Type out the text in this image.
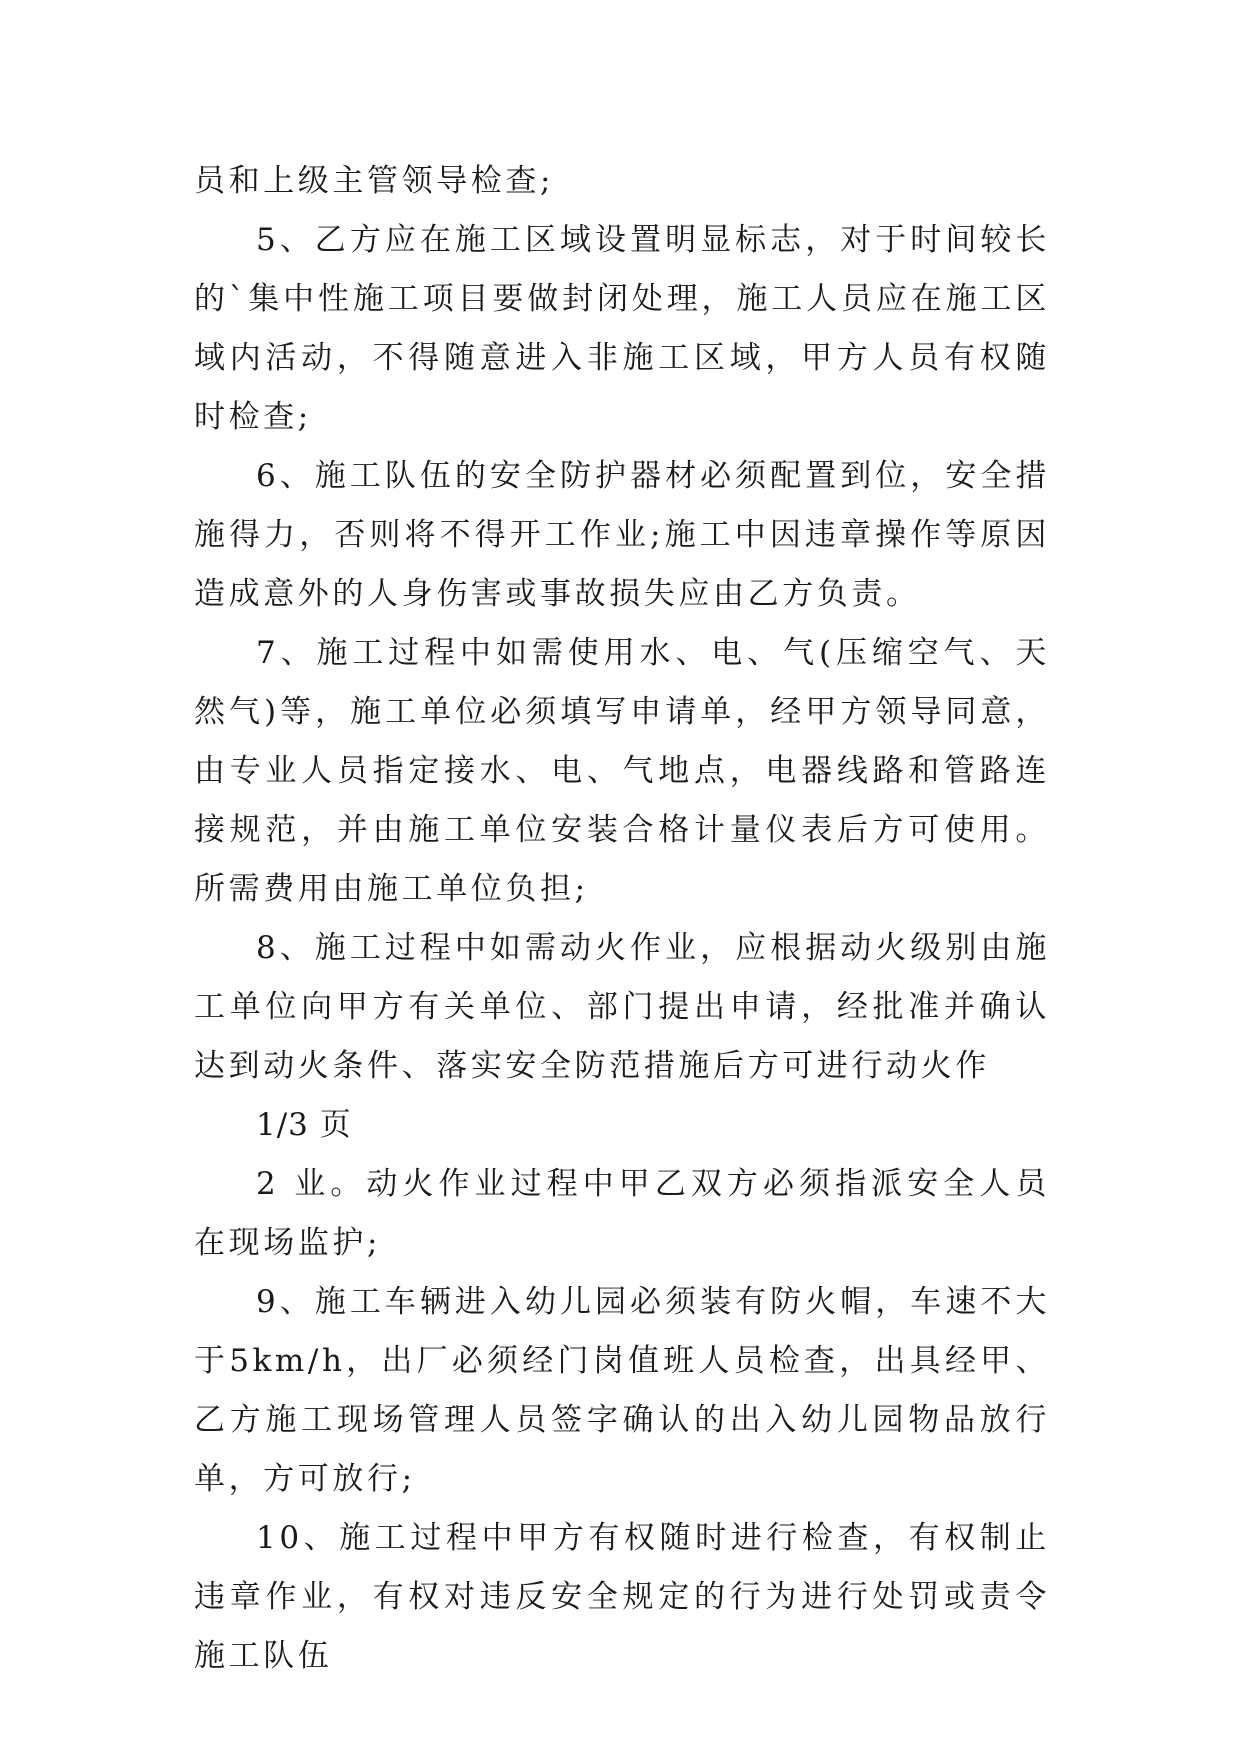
员和上级主管领导检查;

5、乙方应在施工区域设置明显标志，对于时间较长的`集中性施工项目要做封闭处理，施工人员应在施工区域内活动，不得随意进入非施工区域，甲方人员有权随时检查;

6、施工队伍的安全防护器材必须配置到位，安全措施得力，否则将不得开工作业;施工中因违章操作等原因造成意外的人身伤害或事故损失应由乙方负责。

7、施工过程中如需使用水、电、气(压缩空气、天然气)等，施工单位必须填写申请单，经甲方领导同意，由专业人员指定接水、电、气地点，电器线路和管路连接规范，并由施工单位安装合格计量仪表后方可使用。所需费用由施工单位负担;

8、施工过程中如需动火作业，应根据动火级别由施工单位向甲方有关单位、部门提出申请，经批准并确认达到动火条件、落实安全防范措施后方可进行动火作

1/3 页

2 业。动火作业过程中甲乙双方必须指派安全人员在现场监护;

9、施工车辆进入幼儿园必须装有防火帽，车速不大于5km/h，出厂必须经门岗值班人员检查，出具经甲、乙方施工现场管理人员签字确认的出入幼儿园物品放行单，方可放行;

10、施工过程中甲方有权随时进行检查，有权制止违章作业，有权对违反安全规定的行为进行处罚或责令施工队伍
